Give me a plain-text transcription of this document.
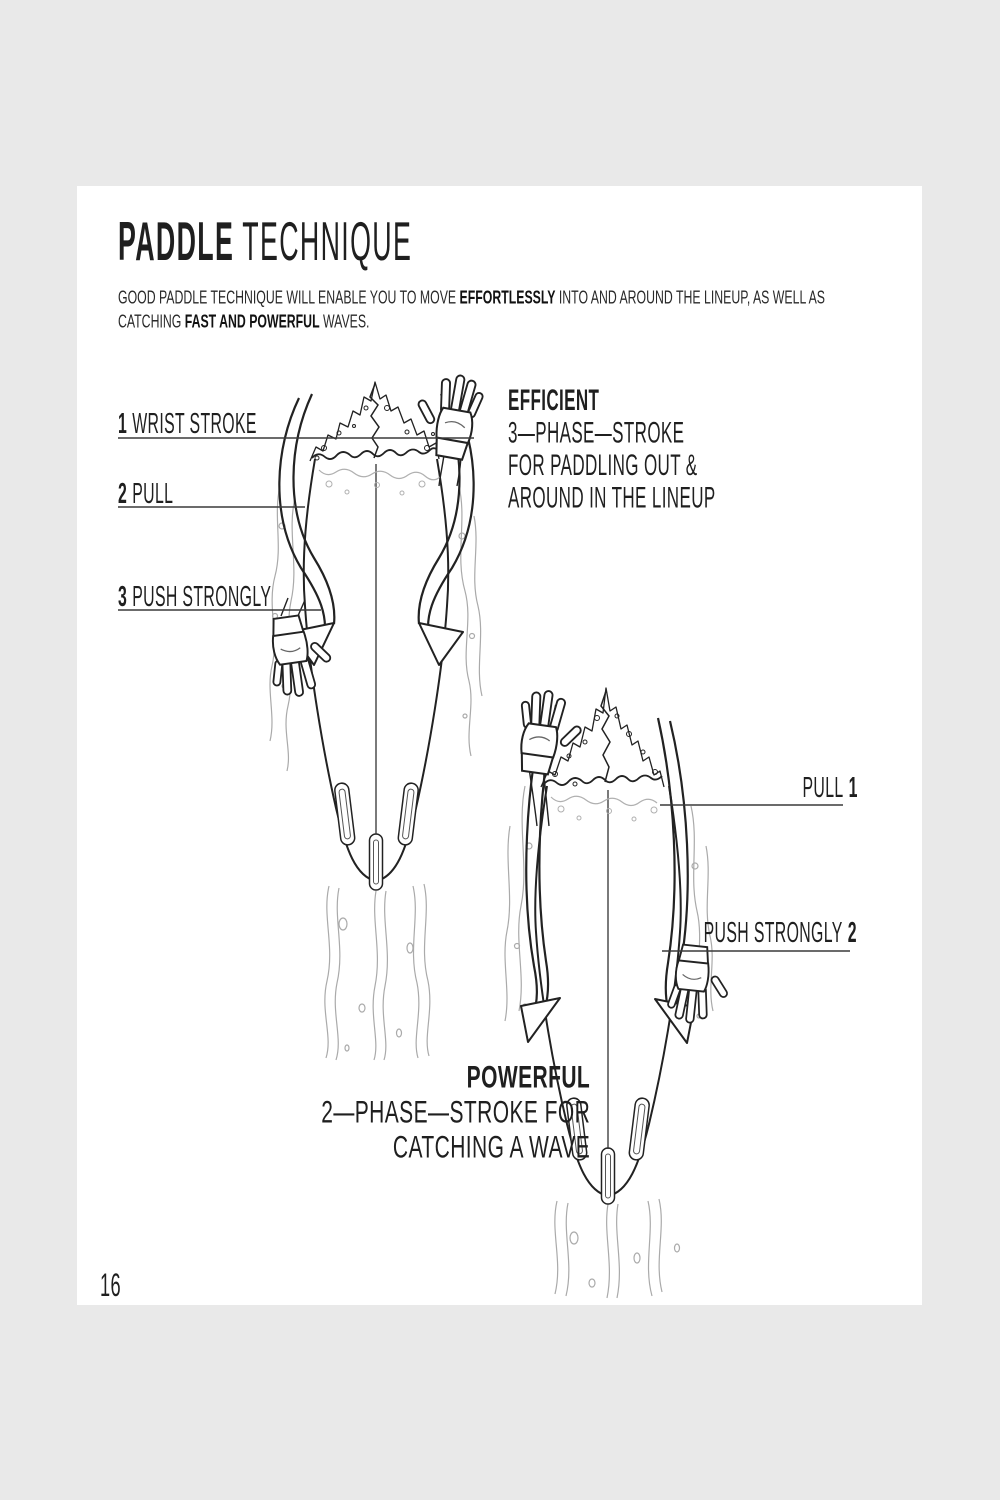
PADDLE TECHNIQUE
GOOD PADDLE TECHNIQUE WILL ENABLE YOU TO MOVE EFFORTLESSLY INTO AND AROUND THE LINEUP, AS WELL AS
CATCHING FAST AND POWERFUL WAVES.
1 WRIST STROKE
2 PULL
3 PUSH STRONGLY
EFFICIENT
3—PHASE—STROKE
FOR PADDLING OUT &
AROUND IN THE LINEUP
PULL 1
PUSH STRONGLY 2
POWERFUL
2—PHASE—STROKE FOR
CATCHING A WAVE
16
